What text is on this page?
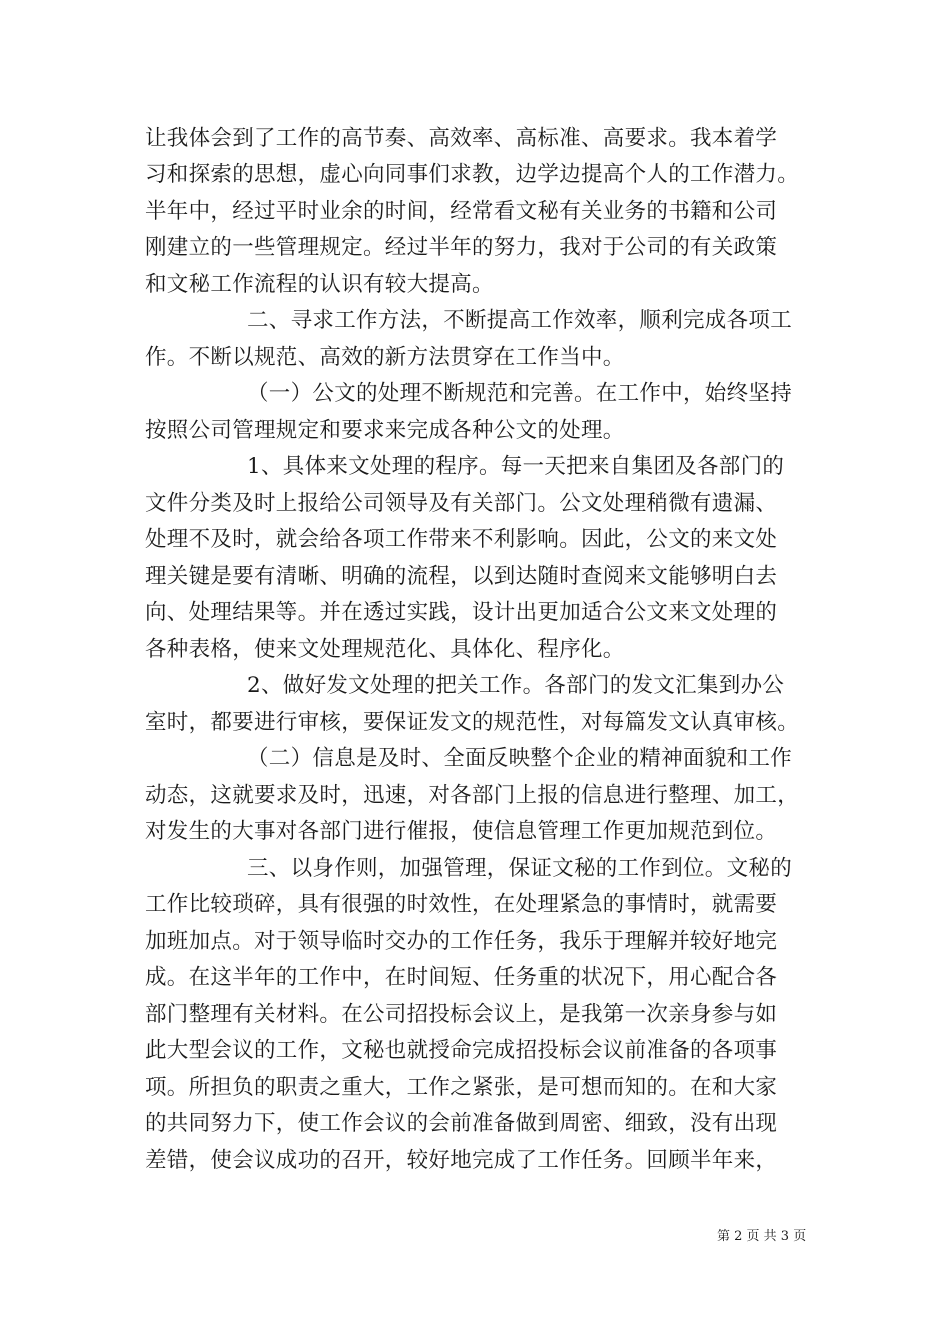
让我体会到了工作的高节奏、高效率、高标准、高要求。我本着学
习和探索的思想，虚心向同事们求教，边学边提高个人的工作潜力。
半年中，经过平时业余的时间，经常看文秘有关业务的书籍和公司
刚建立的一些管理规定。经过半年的努力，我对于公司的有关政策
和文秘工作流程的认识有较大提高。
二、寻求工作方法，不断提高工作效率，顺利完成各项工
作。不断以规范、高效的新方法贯穿在工作当中。
（一）公文的处理不断规范和完善。在工作中，始终坚持
按照公司管理规定和要求来完成各种公文的处理。
1、具体来文处理的程序。每一天把来自集团及各部门的
文件分类及时上报给公司领导及有关部门。公文处理稍微有遗漏、
处理不及时，就会给各项工作带来不利影响。因此，公文的来文处
理关键是要有清晰、明确的流程，以到达随时查阅来文能够明白去
向、处理结果等。并在透过实践，设计出更加适合公文来文处理的
各种表格，使来文处理规范化、具体化、程序化。
2、做好发文处理的把关工作。各部门的发文汇集到办公
室时，都要进行审核，要保证发文的规范性，对每篇发文认真审核。
（二）信息是及时、全面反映整个企业的精神面貌和工作
动态，这就要求及时，迅速，对各部门上报的信息进行整理、加工，
对发生的大事对各部门进行催报，使信息管理工作更加规范到位。
三、以身作则，加强管理，保证文秘的工作到位。文秘的
工作比较琐碎，具有很强的时效性，在处理紧急的事情时，就需要
加班加点。对于领导临时交办的工作任务，我乐于理解并较好地完
成。在这半年的工作中，在时间短、任务重的状况下，用心配合各
部门整理有关材料。在公司招投标会议上，是我第一次亲身参与如
此大型会议的工作，文秘也就授命完成招投标会议前准备的各项事
项。所担负的职责之重大，工作之紧张，是可想而知的。在和大家
的共同努力下，使工作会议的会前准备做到周密、细致，没有出现
差错，使会议成功的召开，较好地完成了工作任务。回顾半年来，
第 2 页 共 3 页
